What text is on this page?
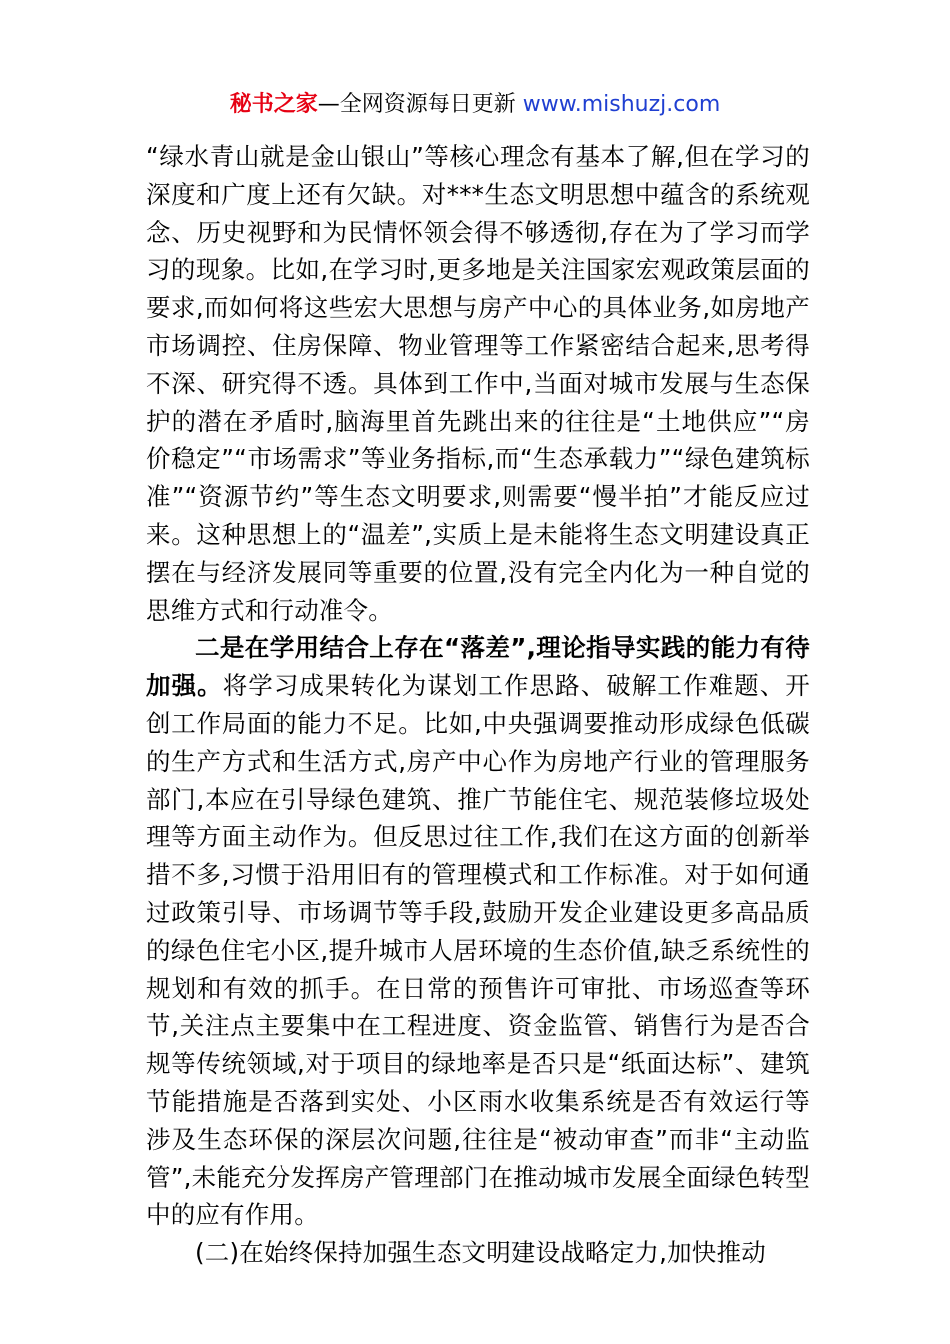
秘书之家—全网资源每日更新 www.mishuzj.com

“绿水青山就是金山银山”等核心理念有基本了解,但在学习的深度和广度上还有欠缺。对***生态文明思想中蕴含的系统观念、历史视野和为民情怀领会得不够透彻,存在为了学习而学习的现象。比如,在学习时,更多地是关注国家宏观政策层面的要求,而如何将这些宏大思想与房产中心的具体业务,如房地产市场调控、住房保障、物业管理等工作紧密结合起来,思考得不深、研究得不透。具体到工作中,当面对城市发展与生态保护的潜在矛盾时,脑海里首先跳出来的往往是“土地供应”“房价稳定”“市场需求”等业务指标,而“生态承载力”“绿色建筑标准”“资源节约”等生态文明要求,则需要“慢半拍”才能反应过来。这种思想上的“温差”,实质上是未能将生态文明建设真正摆在与经济发展同等重要的位置,没有完全内化为一种自觉的思维方式和行动准令。

二是在学用结合上存在“落差”,理论指导实践的能力有待加强。将学习成果转化为谋划工作思路、破解工作难题、开创工作局面的能力不足。比如,中央强调要推动形成绿色低碳的生产方式和生活方式,房产中心作为房地产行业的管理服务部门,本应在引导绿色建筑、推广节能住宅、规范装修垃圾处理等方面主动作为。但反思过往工作,我们在这方面的创新举措不多,习惯于沿用旧有的管理模式和工作标准。对于如何通过政策引导、市场调节等手段,鼓励开发企业建设更多高品质的绿色住宅小区,提升城市人居环境的生态价值,缺乏系统性的规划和有效的抓手。在日常的预售许可审批、市场巡查等环节,关注点主要集中在工程进度、资金监管、销售行为是否合规等传统领域,对于项目的绿地率是否只是“纸面达标”、建筑节能措施是否落到实处、小区雨水收集系统是否有效运行等涉及生态环保的深层次问题,往往是“被动审查”而非“主动监管”,未能充分发挥房产管理部门在推动城市发展全面绿色转型中的应有作用。

(二)在始终保持加强生态文明建设战略定力,加快推动
